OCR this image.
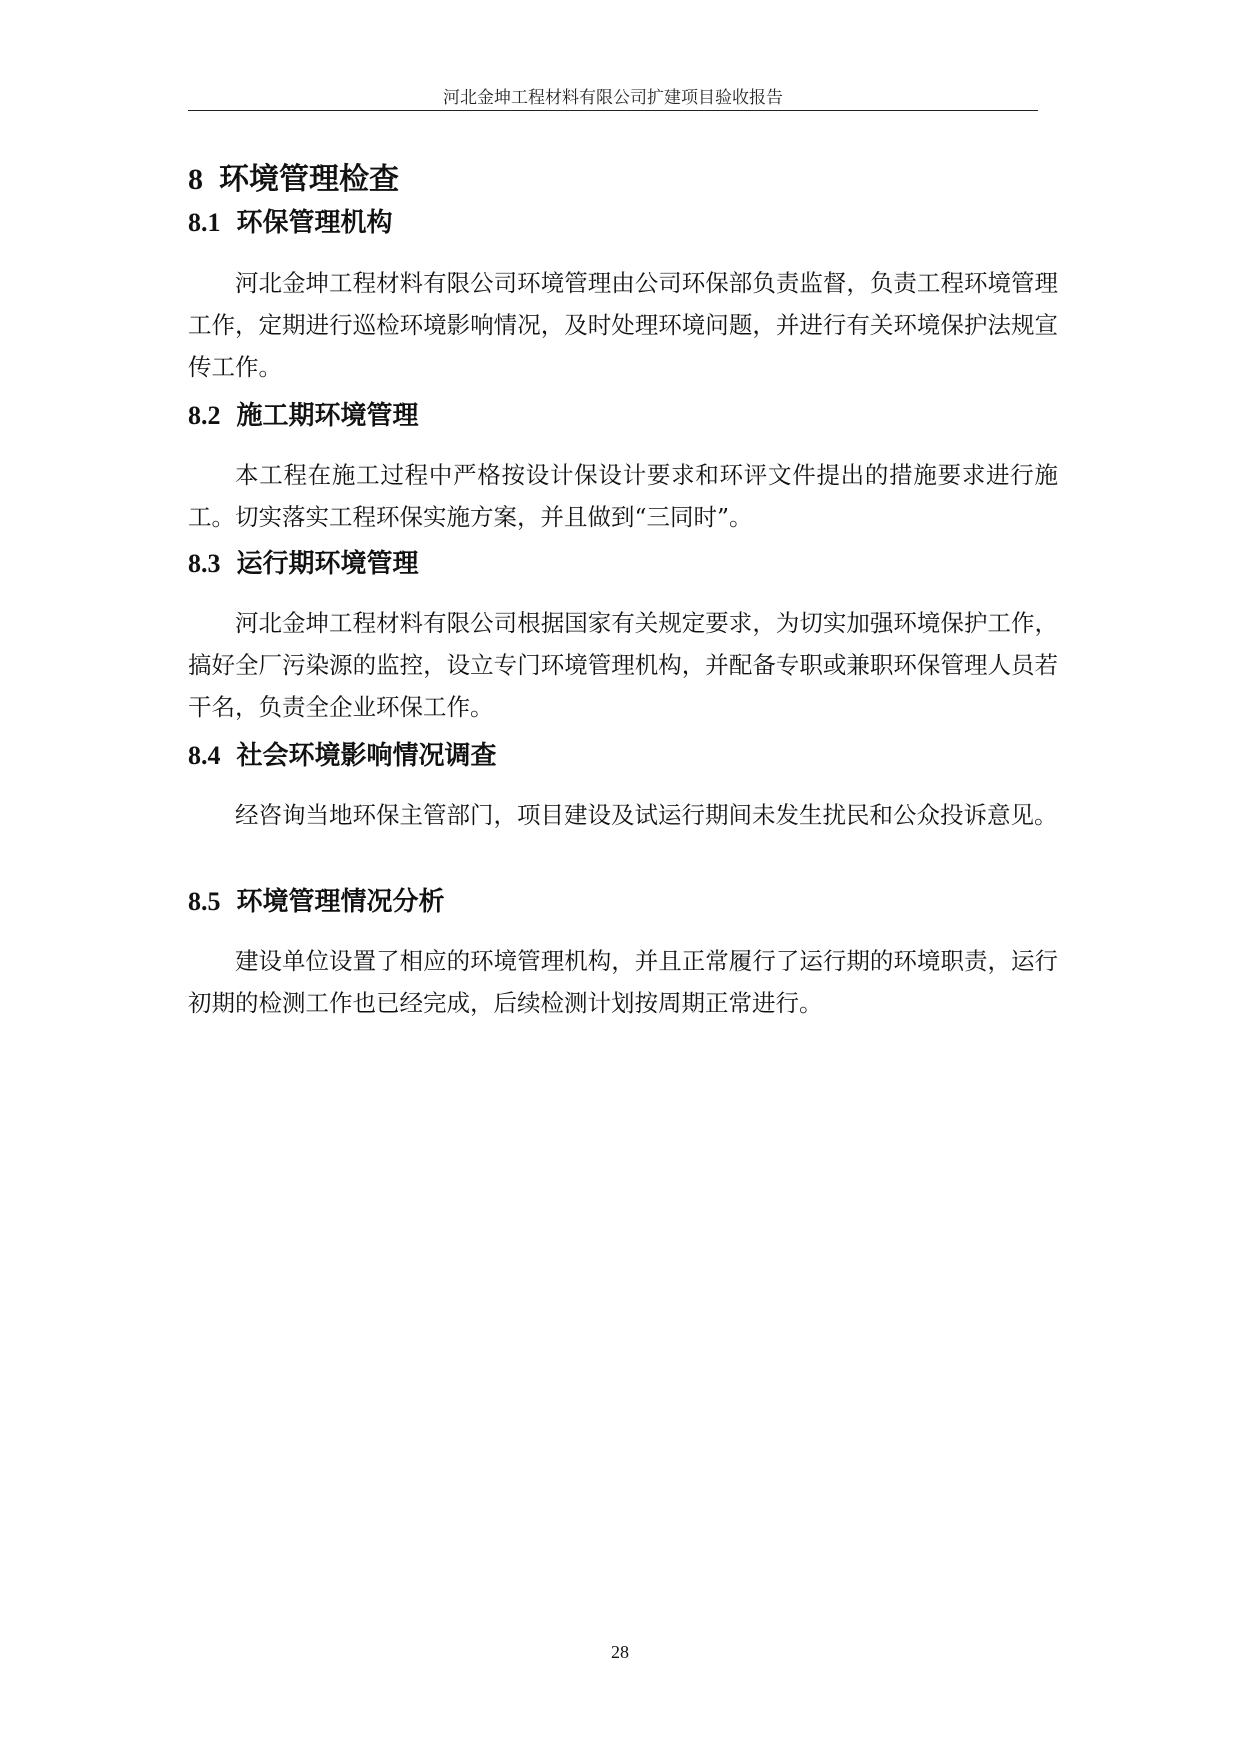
河北金坤工程材料有限公司扩建项目验收报告
8 环境管理检查
8.1 环保管理机构

河北金坤工程材料有限公司环境管理由公司环保部负责监督，负责工程环境管理工作，定期进行巡检环境影响情况，及时处理环境问题，并进行有关环境保护法规宣传工作。

8.2 施工期环境管理

本工程在施工过程中严格按设计保设计要求和环评文件提出的措施要求进行施工。切实落实工程环保实施方案，并且做到“三同时”。

8.3 运行期环境管理

河北金坤工程材料有限公司根据国家有关规定要求，为切实加强环境保护工作，搞好全厂污染源的监控，设立专门环境管理机构，并配备专职或兼职环保管理人员若干名，负责全企业环保工作。

8.4 社会环境影响情况调查

经咨询当地环保主管部门，项目建设及试运行期间未发生扰民和公众投诉意见。

8.5 环境管理情况分析

建设单位设置了相应的环境管理机构，并且正常履行了运行期的环境职责，运行初期的检测工作也已经完成，后续检测计划按周期正常进行。

28
